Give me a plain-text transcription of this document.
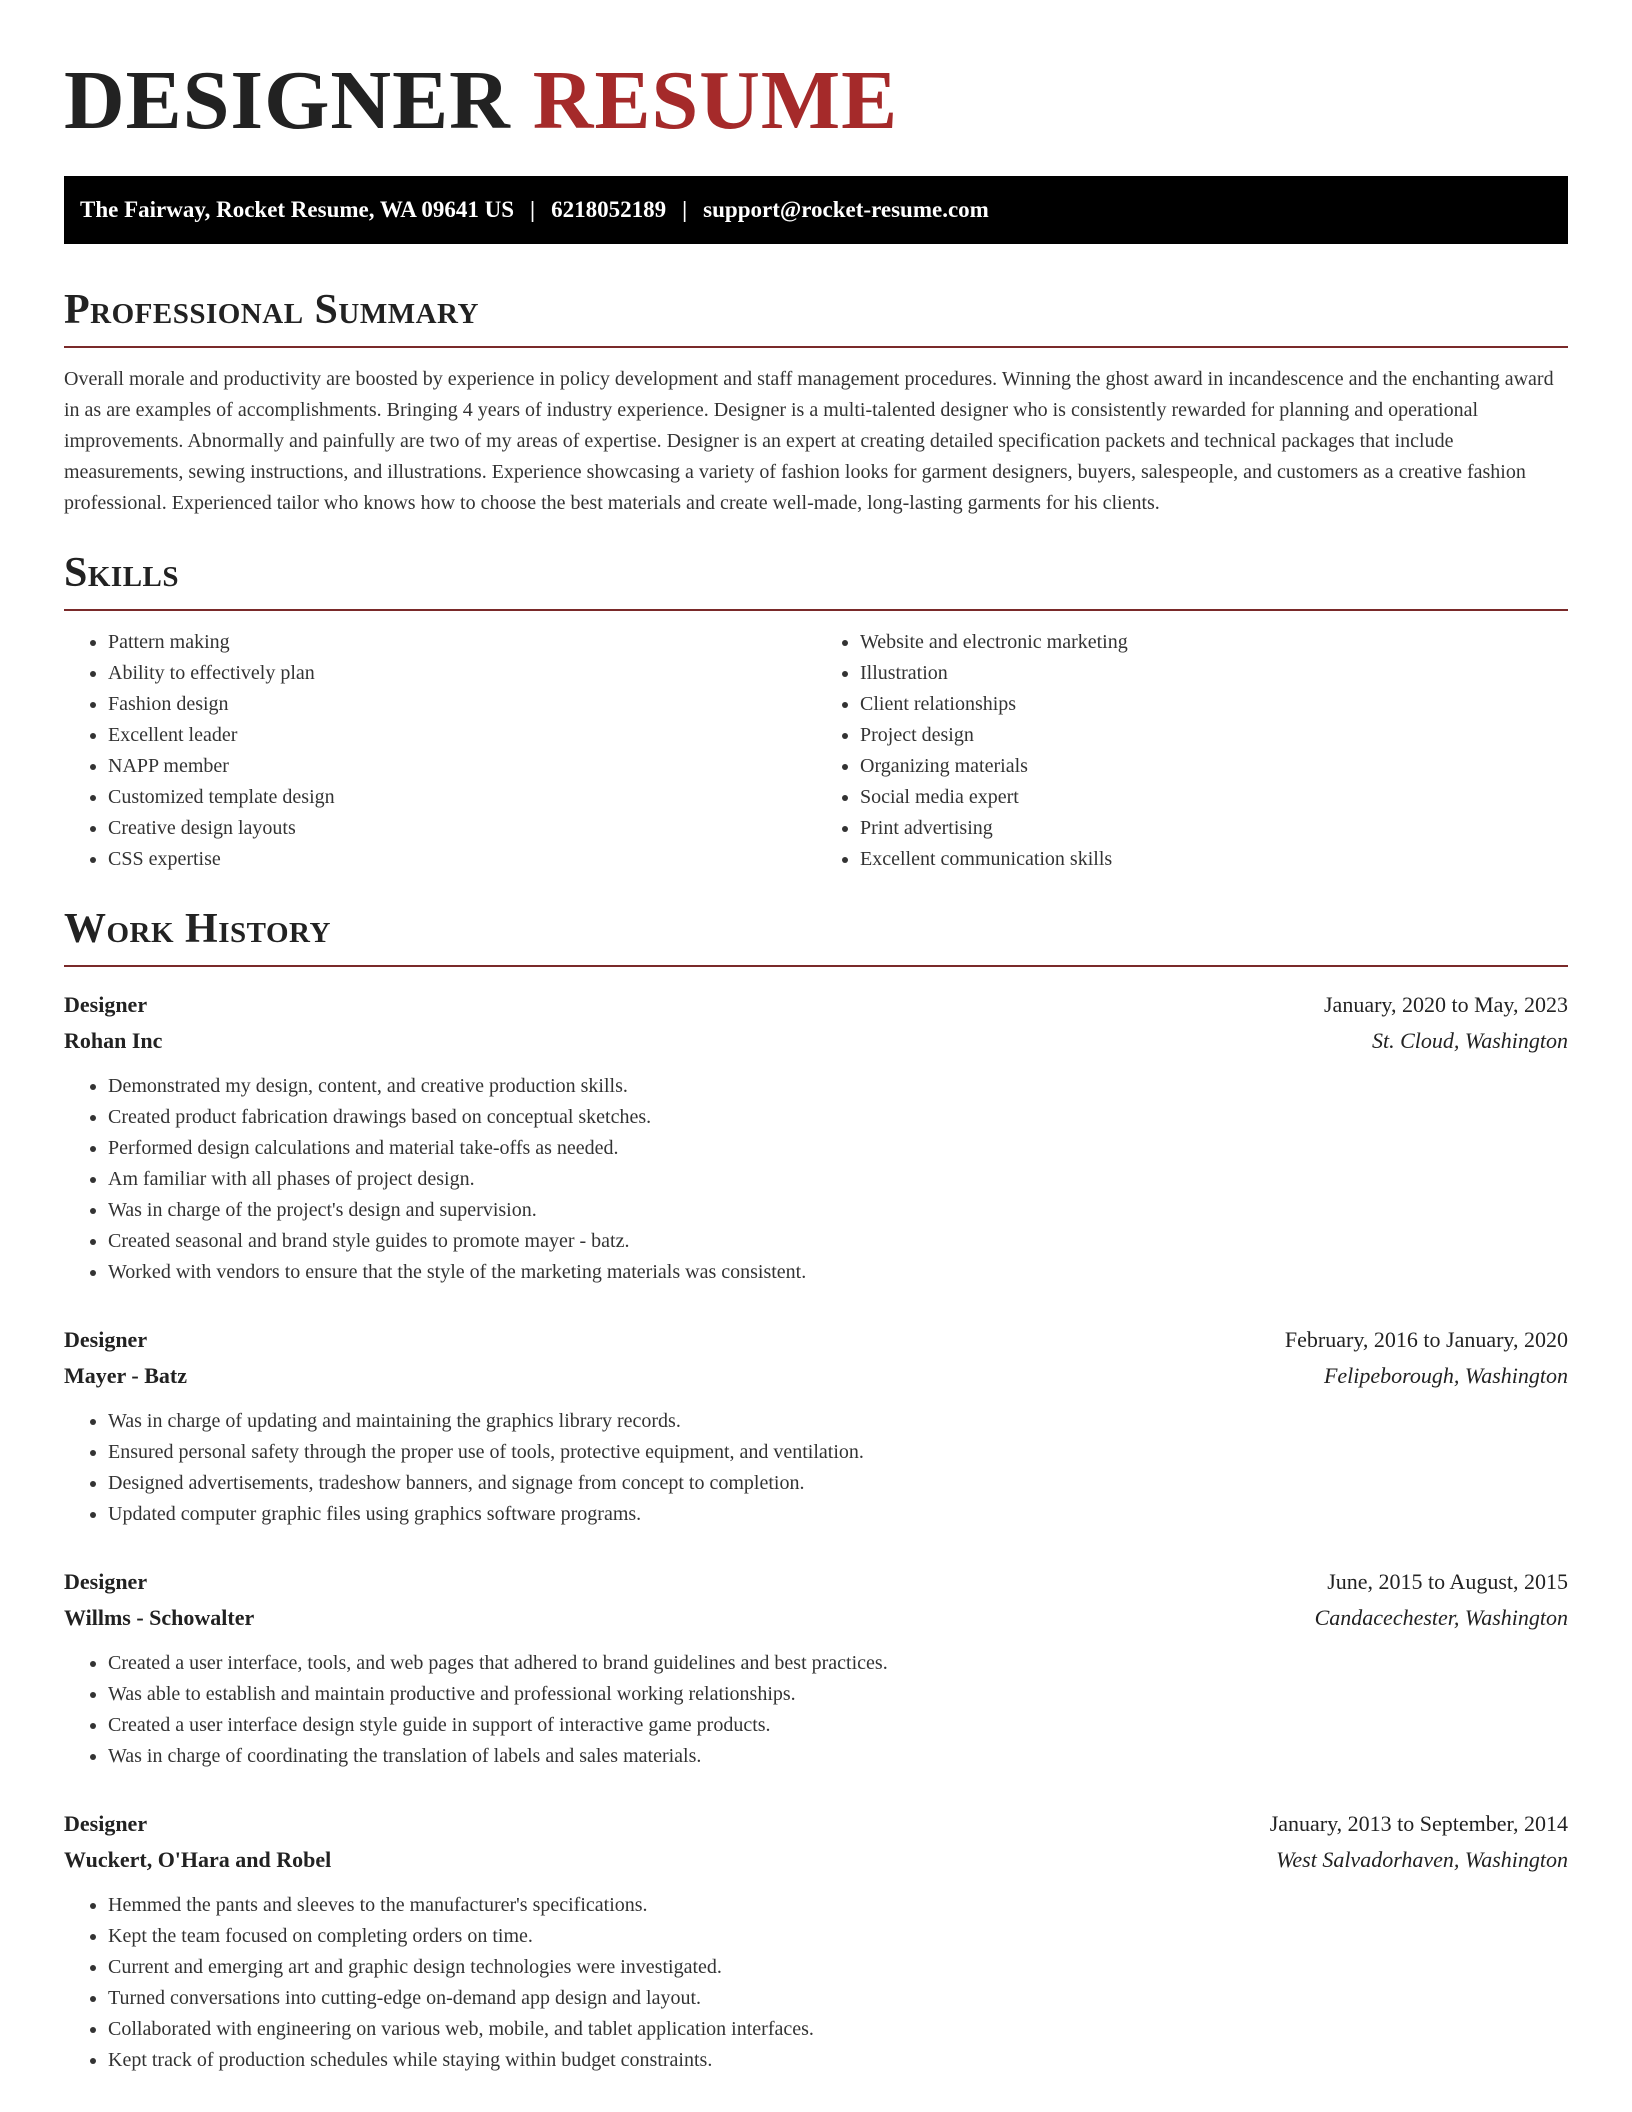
DESIGNER RESUME
The Fairway, Rocket Resume, WA 09641 US | 6218052189 | support@rocket-resume.com
Professional Summary
Overall morale and productivity are boosted by experience in policy development and staff management procedures. Winning the ghost award in incandescence and the enchanting award in as are examples of accomplishments. Bringing 4 years of industry experience. Designer is a multi-talented designer who is consistently rewarded for planning and operational improvements. Abnormally and painfully are two of my areas of expertise. Designer is an expert at creating detailed specification packets and technical packages that include measurements, sewing instructions, and illustrations. Experience showcasing a variety of fashion looks for garment designers, buyers, salespeople, and customers as a creative fashion professional. Experienced tailor who knows how to choose the best materials and create well-made, long-lasting garments for his clients.
Skills
• Pattern making
• Ability to effectively plan
• Fashion design
• Excellent leader
• NAPP member
• Customized template design
• Creative design layouts
• CSS expertise
• Website and electronic marketing
• Illustration
• Client relationships
• Project design
• Organizing materials
• Social media expert
• Print advertising
• Excellent communication skills
Work History
Designer	January, 2020 to May, 2023
Rohan Inc	St. Cloud, Washington
• Demonstrated my design, content, and creative production skills.
• Created product fabrication drawings based on conceptual sketches.
• Performed design calculations and material take-offs as needed.
• Am familiar with all phases of project design.
• Was in charge of the project's design and supervision.
• Created seasonal and brand style guides to promote mayer - batz.
• Worked with vendors to ensure that the style of the marketing materials was consistent.
Designer	February, 2016 to January, 2020
Mayer - Batz	Felipeborough, Washington
• Was in charge of updating and maintaining the graphics library records.
• Ensured personal safety through the proper use of tools, protective equipment, and ventilation.
• Designed advertisements, tradeshow banners, and signage from concept to completion.
• Updated computer graphic files using graphics software programs.
Designer	June, 2015 to August, 2015
Willms - Schowalter	Candacechester, Washington
• Created a user interface, tools, and web pages that adhered to brand guidelines and best practices.
• Was able to establish and maintain productive and professional working relationships.
• Created a user interface design style guide in support of interactive game products.
• Was in charge of coordinating the translation of labels and sales materials.
Designer	January, 2013 to September, 2014
Wuckert, O'Hara and Robel	West Salvadorhaven, Washington
• Hemmed the pants and sleeves to the manufacturer's specifications.
• Kept the team focused on completing orders on time.
• Current and emerging art and graphic design technologies were investigated.
• Turned conversations into cutting-edge on-demand app design and layout.
• Collaborated with engineering on various web, mobile, and tablet application interfaces.
• Kept track of production schedules while staying within budget constraints.
